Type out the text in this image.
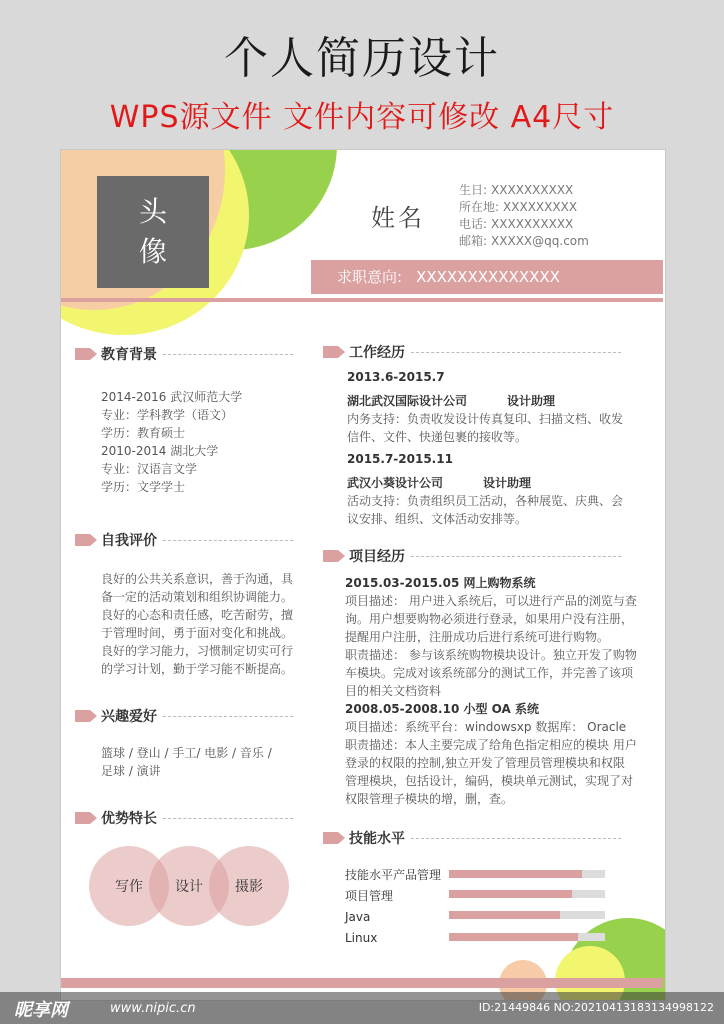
个人简历设计
WPS源文件 文件内容可修改 A4尺寸
头
像
姓名
生日: XXXXXXXXXX
所在地: XXXXXXXXX
电话: XXXXXXXXXX
邮箱: XXXXX@qq.com
求职意向: XXXXXXXXXXXXXX
教育背景
2014-2016 武汉师范大学
专业：学科教学（语文）
学历：教育硕士
2010-2014 湖北大学
专业：汉语言文学
学历：文学学士
自我评价
良好的公共关系意识，善于沟通，具
备一定的活动策划和组织协调能力。
良好的心态和责任感，吃苦耐劳，擅
于管理时间，勇于面对变化和挑战。
良好的学习能力，习惯制定切实可行
的学习计划，勤于学习能不断提高。
兴趣爱好
篮球 / 登山 / 手工/ 电影 / 音乐 /
足球 / 演讲
优势特长
写作	设计	摄影
工作经历
2013.6-2015.7
湖北武汉国际设计公司	设计助理
内务支持：负责收发设计传真复印、扫描文档、收发
信件、文件、快递包裹的接收等。
2015.7-2015.11
武汉小葵设计公司	设计助理
活动支持：负责组织员工活动，各种展览、庆典、会
议安排、组织、文体活动安排等。
项目经历
2015.03-2015.05 网上购物系统
项目描述： 用户进入系统后，可以进行产品的浏览与查
询。用户想要购物必须进行登录，如果用户没有注册，
提醒用户注册，注册成功后进行系统可进行购物。
职责描述： 参与该系统购物模块设计。独立开发了购物
车模块。完成对该系统部分的测试工作，并完善了该项
目的相关文档资料
2008.05-2008.10 小型 OA 系统
项目描述：系统平台：windowsxp 数据库： Oracle
职责描述：本人主要完成了给角色指定相应的模块 用户
登录的权限的控制,独立开发了管理员管理模块和权限
管理模块，包括设计，编码，模块单元测试，实现了对
权限管理子模块的增，删，查。
技能水平
技能水平产品管理
项目管理
Java
Linux
昵享网	www.nipic.cn	ID:21449846 NO:20210413183134998122
